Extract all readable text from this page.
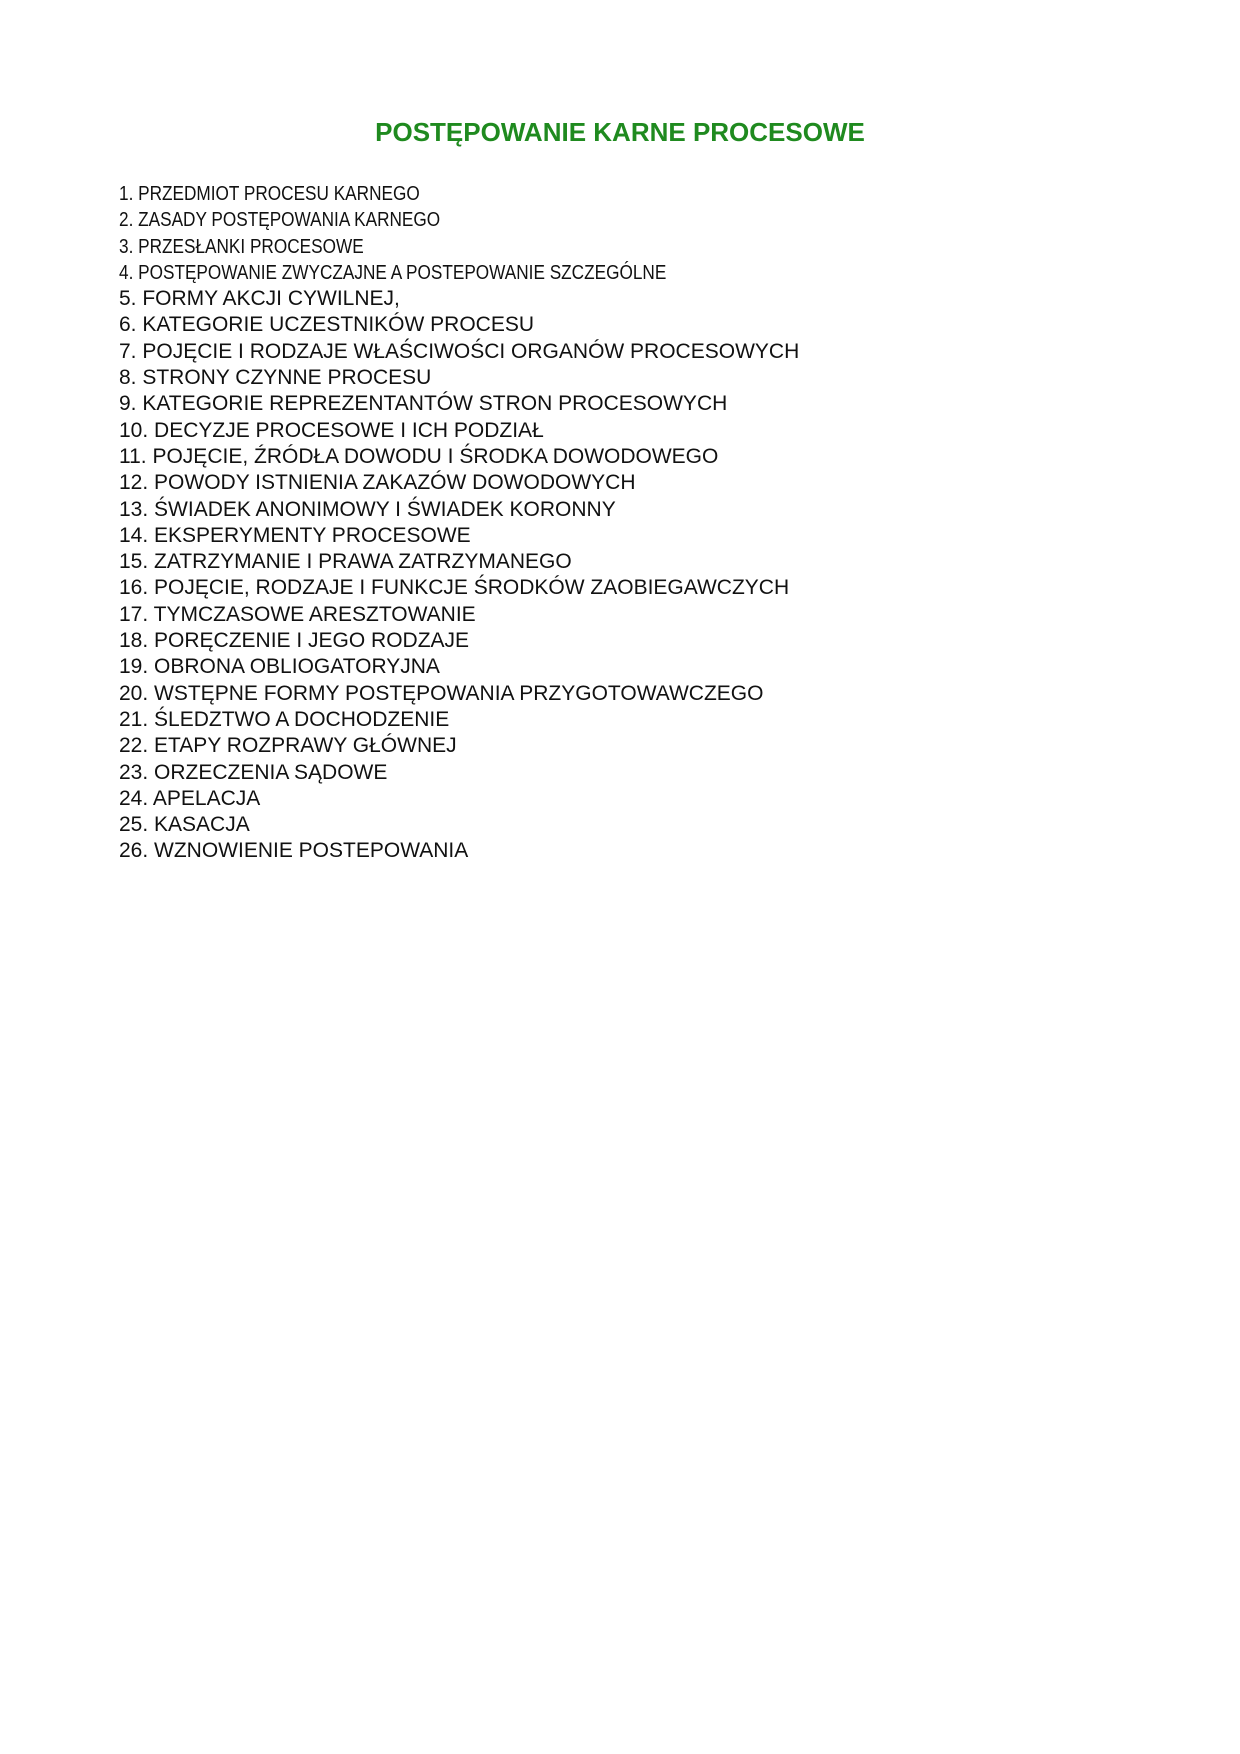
POSTĘPOWANIE KARNE PROCESOWE
1. PRZEDMIOT PROCESU KARNEGO
2. ZASADY POSTĘPOWANIA KARNEGO
3. PRZESŁANKI PROCESOWE
4. POSTĘPOWANIE ZWYCZAJNE A POSTEPOWANIE SZCZEGÓLNE
5. FORMY AKCJI CYWILNEJ,
6. KATEGORIE UCZESTNIKÓW PROCESU
7. POJĘCIE I RODZAJE WŁAŚCIWOŚCI ORGANÓW PROCESOWYCH
8. STRONY CZYNNE PROCESU
9. KATEGORIE REPREZENTANTÓW STRON PROCESOWYCH
10. DECYZJE PROCESOWE I ICH PODZIAŁ
11. POJĘCIE, ŹRÓDŁA DOWODU I ŚRODKA DOWODOWEGO
12. POWODY ISTNIENIA ZAKAZÓW DOWODOWYCH
13. ŚWIADEK ANONIMOWY I ŚWIADEK KORONNY
14. EKSPERYMENTY PROCESOWE
15. ZATRZYMANIE I PRAWA ZATRZYMANEGO
16. POJĘCIE, RODZAJE I FUNKCJE ŚRODKÓW ZAOBIEGAWCZYCH
17. TYMCZASOWE ARESZTOWANIE
18. PORĘCZENIE I JEGO RODZAJE
19. OBRONA OBLIOGATORYJNA
20. WSTĘPNE FORMY POSTĘPOWANIA PRZYGOTOWAWCZEGO
21. ŚLEDZTWO A DOCHODZENIE
22. ETAPY ROZPRAWY GŁÓWNEJ
23. ORZECZENIA SĄDOWE
24. APELACJA
25. KASACJA
26. WZNOWIENIE POSTEPOWANIA
